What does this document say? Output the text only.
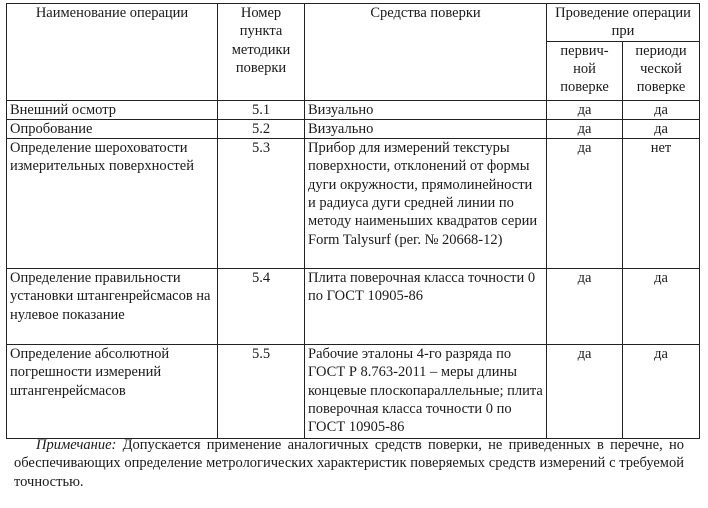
Наименование операции	Номер пункта методики поверки	Средства поверки	Проведение операции при	
			первич-ной поверке	периоди ческой поверке
Внешний осмотр	5.1	Визуально	да	да
Опробование	5.2	Визуально	да	да
Определение шероховатости измерительных поверхностей	5.3	Прибор для измерений текстуры поверхности, отклонений от формы дуги окружности, прямолинейности и радиуса дуги средней линии по методу наименьших квадратов серии Form Talysurf (рег. № 20668-12)	да	нет
Определение правильности установки штангенрейсмасов на нулевое показание	5.4	Плита поверочная класса точности 0 по ГОСТ 10905-86	да	да
Определение абсолютной погрешности измерений штангенрейсмасов	5.5	Рабочие эталоны 4-го разряда по ГОСТ Р 8.763-2011 – меры длины концевые плоскопараллельные; плита поверочная класса точности 0 по ГОСТ 10905-86	да	да
Примечание: Допускается применение аналогичных средств поверки, не приведенных в перечне, но обеспечивающих определение метрологических характеристик поверяемых средств измерений с требуемой точностью.
